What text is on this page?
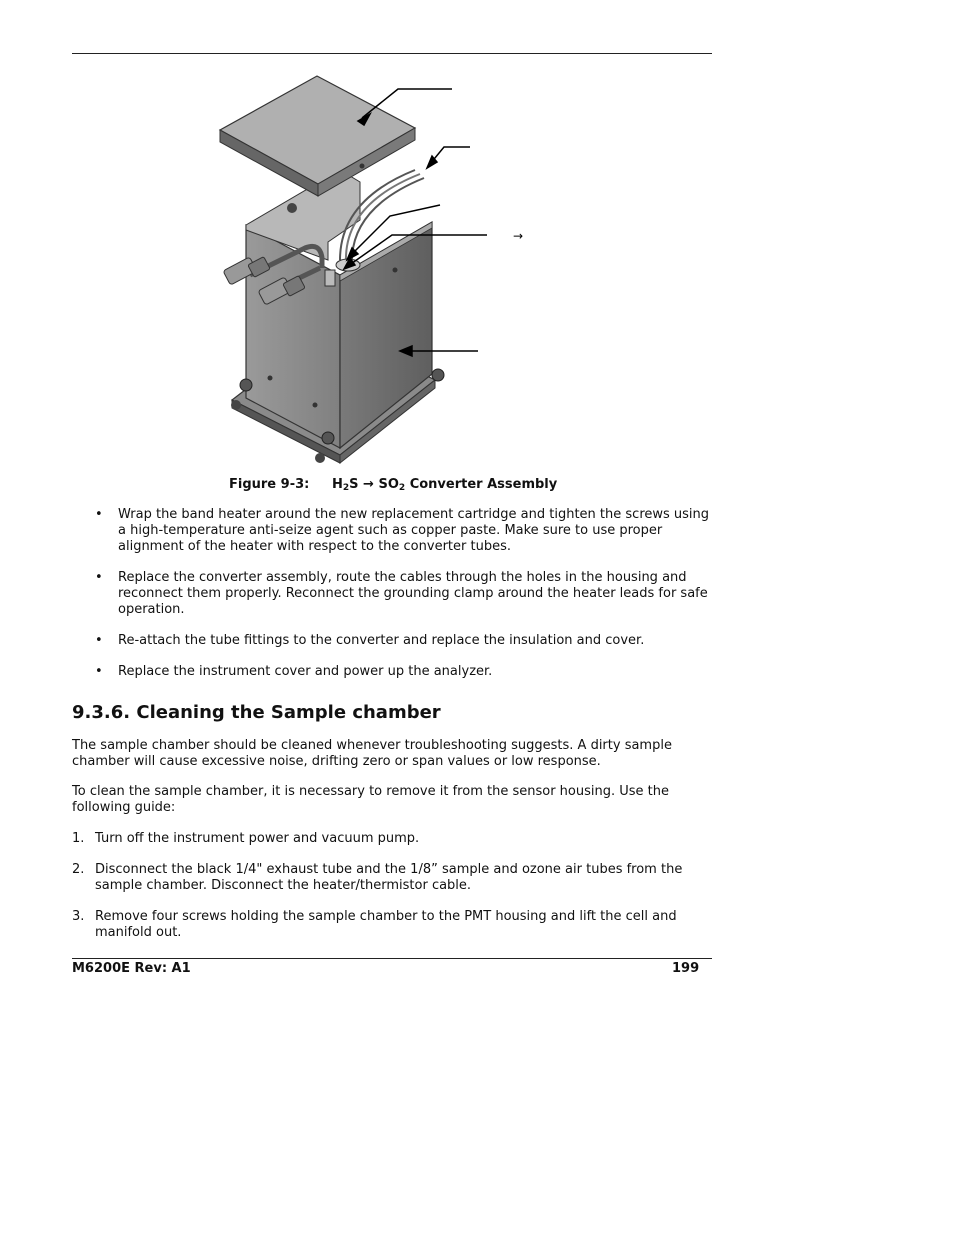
→
Figure 9-3: $H_2S \to SO_2$ Converter Assembly
• Wrap the band heater around the new replacement cartridge and tighten the screws using a high-temperature anti-seize agent such as copper paste. Make sure to use proper alignment of the heater with respect to the converter tubes.
• Replace the converter assembly, route the cables through the holes in the housing and reconnect them properly. Reconnect the grounding clamp around the heater leads for safe operation.
• Re-attach the tube fittings to the converter and replace the insulation and cover.
• Replace the instrument cover and power up the analyzer.
9.3.6. Cleaning the Sample chamber

The sample chamber should be cleaned whenever troubleshooting suggests. A dirty sample chamber will cause excessive noise, drifting zero or span values or low response.

To clean the sample chamber, it is necessary to remove it from the sensor housing. Use the following guide:

1. Turn off the instrument power and vacuum pump.
2. Disconnect the black 1/4" exhaust tube and the 1/8” sample and ozone air tubes from the sample chamber. Disconnect the heater/thermistor cable.
3. Remove four screws holding the sample chamber to the PMT housing and lift the cell and manifold out.
M6200E Rev: A1	199
